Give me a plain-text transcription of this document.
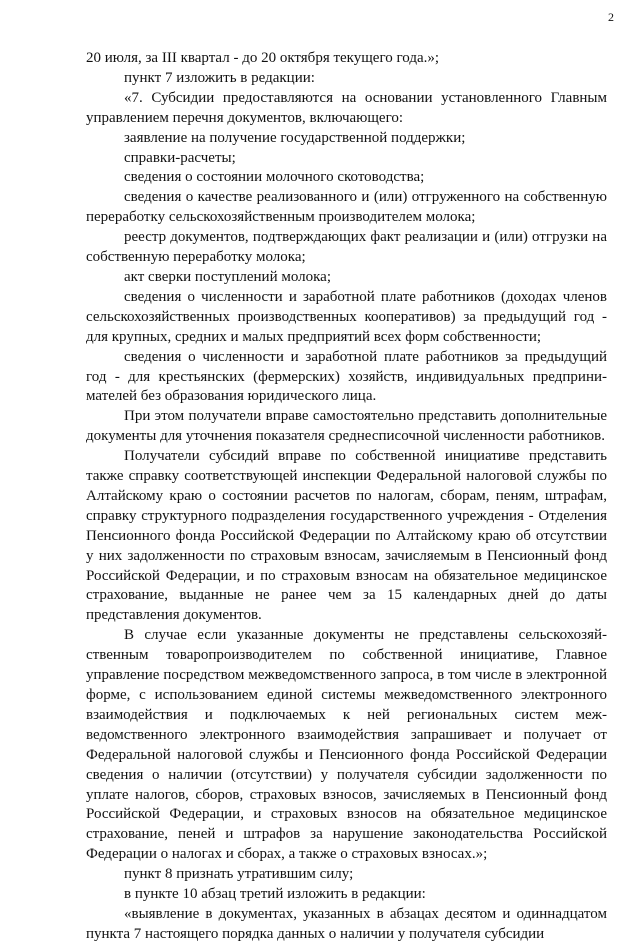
2

20 июля, за III квартал - до 20 октября текущего года.»;

пункт 7 изложить в редакции:

«7. Субсидии предоставляются на основании установленного Главным управлением перечня документов, включающего:

заявление на получение государственной поддержки;

справки-расчеты;

сведения о состоянии молочного скотоводства;

сведения о качестве реализованного и (или) отгруженного на собственную переработку сельскохозяйственным производителем молока;

реестр документов, подтверждающих факт реализации и (или) отгрузки на собственную переработку молока;

акт сверки поступлений молока;

сведения о численности и заработной плате работников (доходах членов сельскохозяйственных производственных кооперативов) за предыдущий год - для крупных, средних и малых предприятий всех форм собственности;

сведения о численности и заработной плате работников за предыдущий год - для крестьянских (фермерских) хозяйств, индивидуальных предпринимателей без образования юридического лица.

При этом получатели вправе самостоятельно представить дополнительные документы для уточнения показателя среднесписочной численности работников.

Получатели субсидий вправе по собственной инициативе представить также справку соответствующей инспекции Федеральной налоговой службы по Алтайскому краю о состоянии расчетов по налогам, сборам, пеням, штрафам, справку структурного подразделения государственного учреждения - Отделения Пенсионного фонда Российской Федерации по Алтайскому краю об отсутствии у них задолженности по страховым взносам, зачисляемым в Пенсионный фонд Российской Федерации, и по страховым взносам на обязательное медицинское страхование, выданные не ранее чем за 15 календарных дней до даты представления документов.

В случае если указанные документы не представлены сельскохозяйственным товаропроизводителем по собственной инициативе, Главное управление посредством межведомственного запроса, в том числе в электронной форме, с использованием единой системы межведомственного электронного взаимодействия и подключаемых к ней региональных систем межведомственного электронного взаимодействия запрашивает и получает от Федеральной налоговой службы и Пенсионного фонда Российской Федерации сведения о наличии (отсутствии) у получателя субсидии задолженности по уплате налогов, сборов, страховых взносов, зачисляемых в Пенсионный фонд Российской Федерации, и страховых взносов на обязательное медицинское страхование, пеней и штрафов за нарушение законодательства Российской Федерации о налогах и сборах, а также о страховых взносах.»;

пункт 8 признать утратившим силу;

в пункте 10 абзац третий изложить в редакции:

«выявление в документах, указанных в абзацах десятом и одиннадцатом пункта 7 настоящего порядка данных о наличии у получателя субсидии
